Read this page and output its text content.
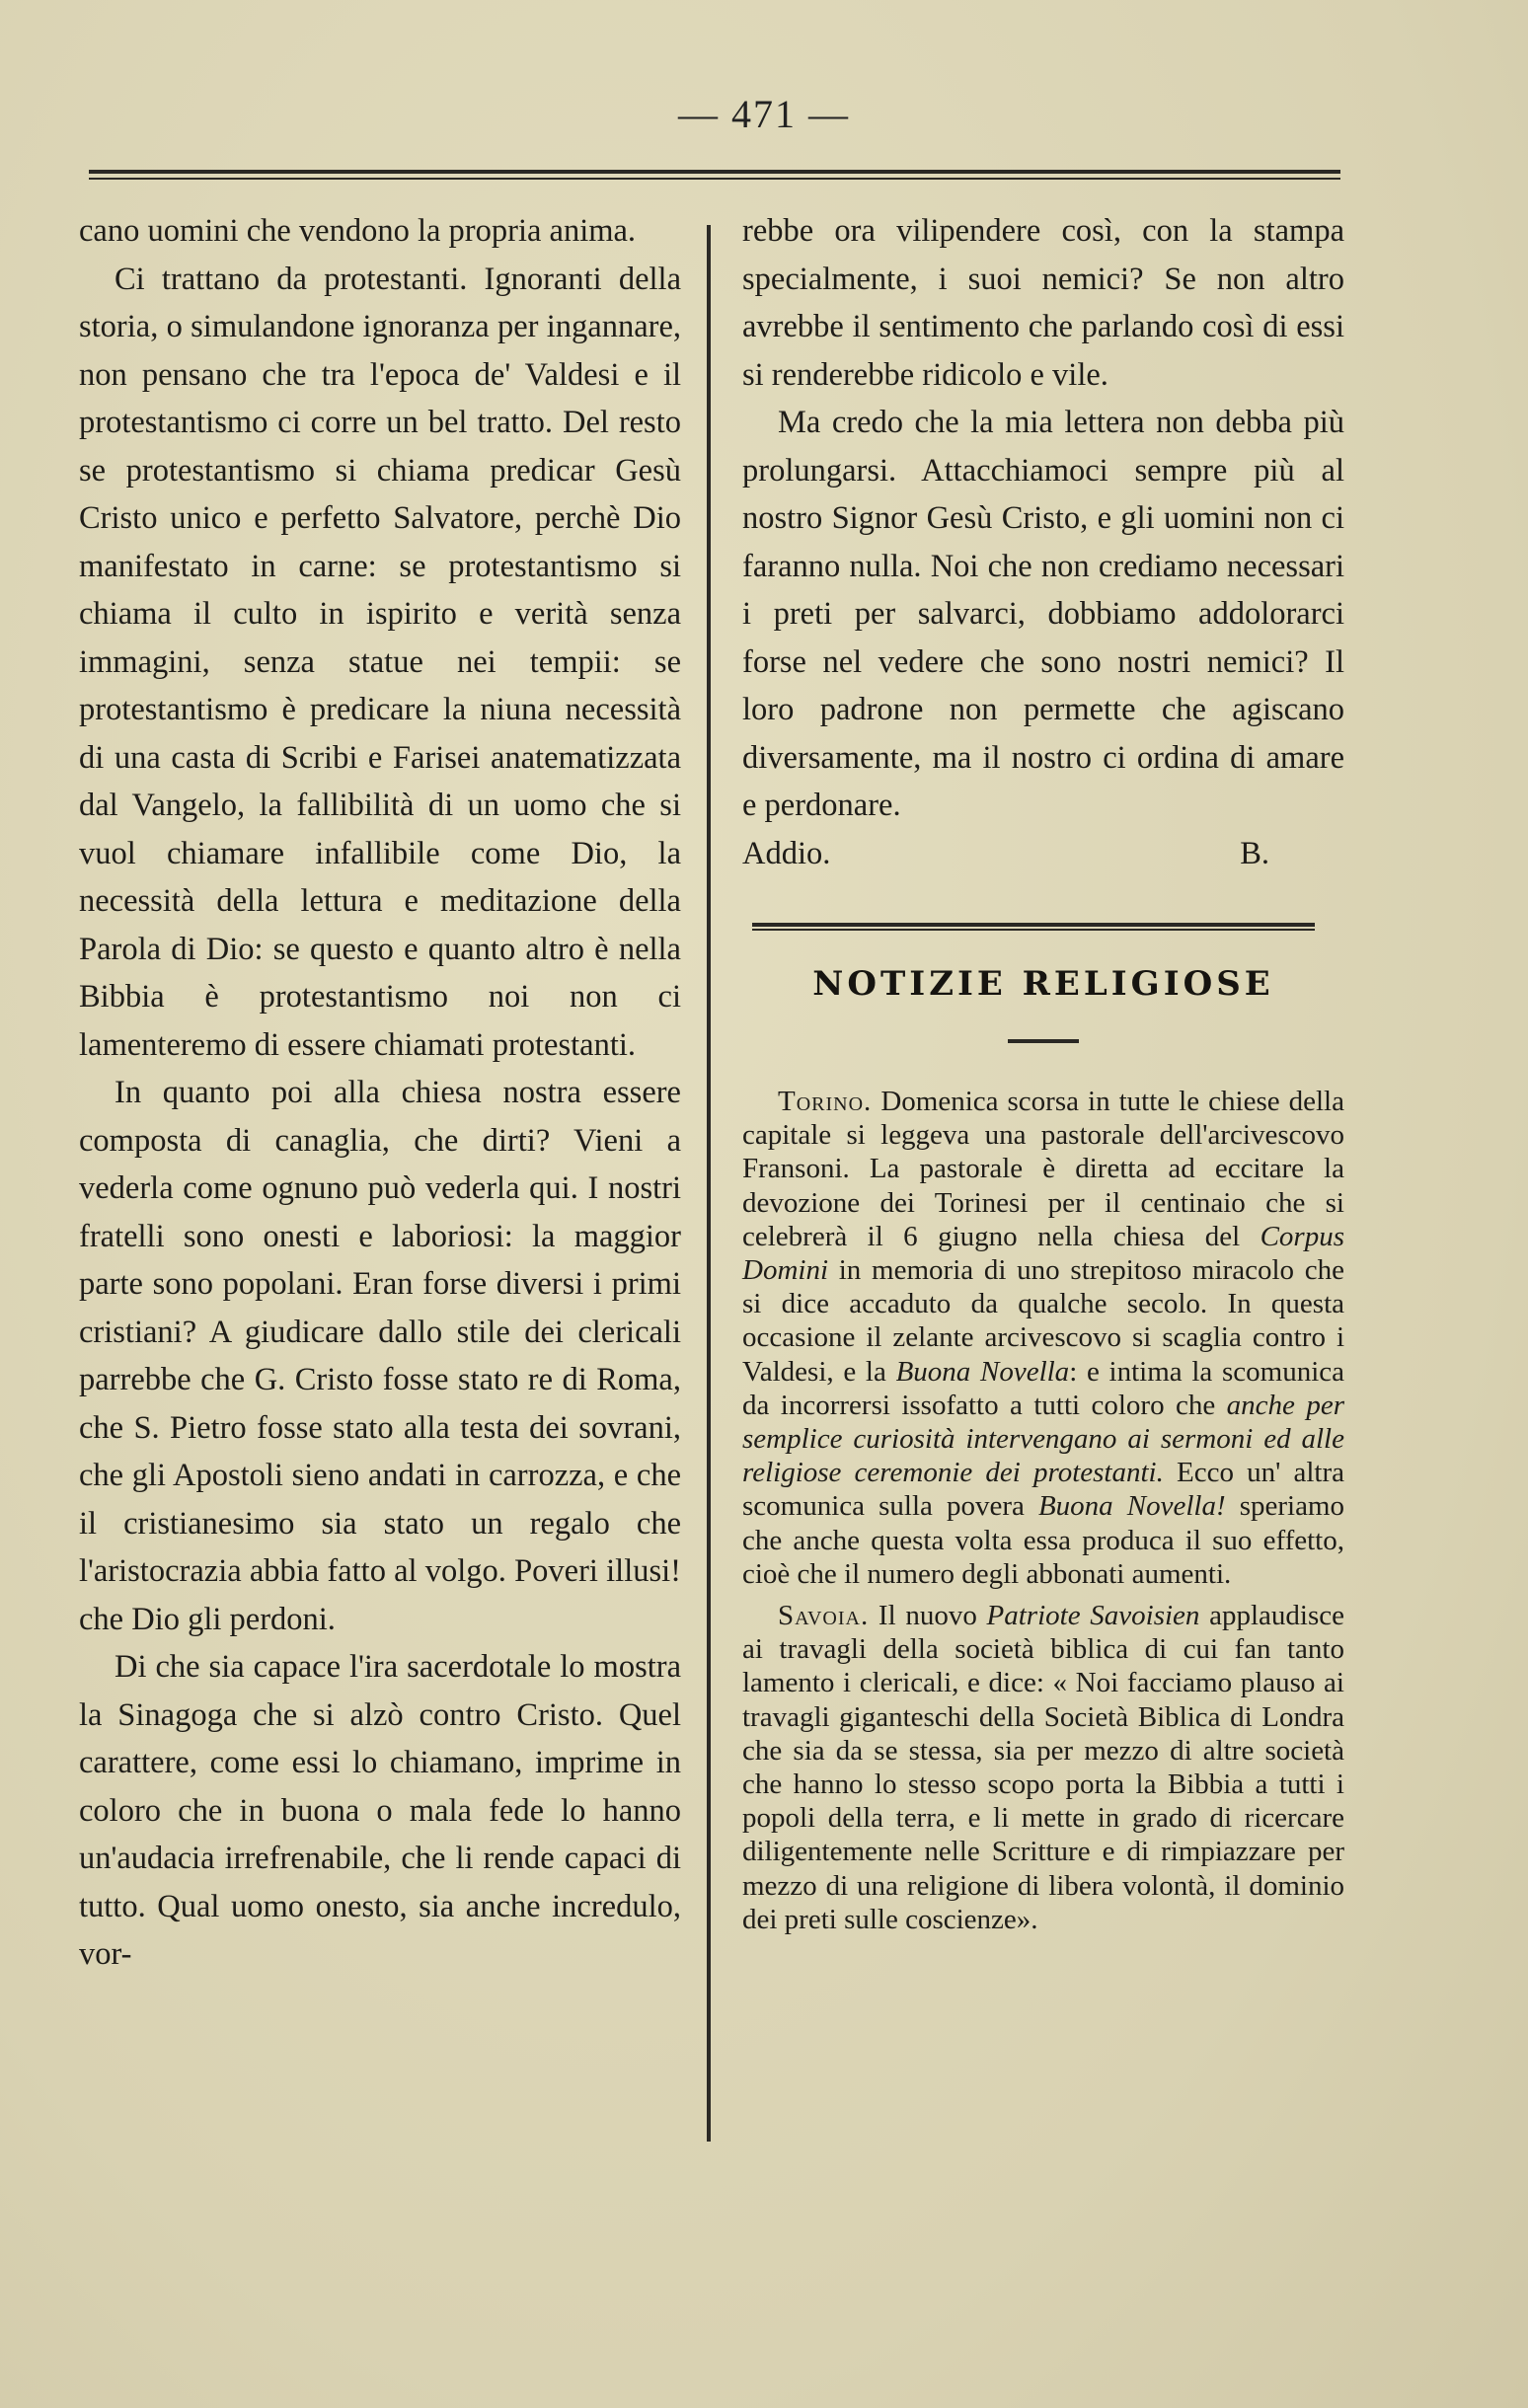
— 471 —

cano uomini che vendono la propria anima.

Ci trattano da protestanti. Ignoranti della storia, o simulandone ignoranza per ingannare, non pensano che tra l'epoca de' Valdesi e il protestantismo ci corre un bel tratto. Del resto se protestantismo si chiama predicar Gesù Cristo unico e perfetto Salvatore, perchè Dio manifestato in carne: se protestantismo si chiama il culto in ispirito e verità senza immagini, senza statue nei tempii: se protestantismo è predicare la niuna necessità di una casta di Scribi e Farisei anatematizzata dal Vangelo, la fallibilità di un uomo che si vuol chiamare infallibile come Dio, la necessità della lettura e meditazione della Parola di Dio: se questo e quanto altro è nella Bibbia è protestantismo noi non ci lamenteremo di essere chiamati protestanti.

In quanto poi alla chiesa nostra essere composta di canaglia, che dirti? Vieni a vederla come ognuno può vederla qui. I nostri fratelli sono onesti e laboriosi: la maggior parte sono popolani. Eran forse diversi i primi cristiani? A giudicare dallo stile dei clericali parrebbe che G. Cristo fosse stato re di Roma, che S. Pietro fosse stato alla testa dei sovrani, che gli Apostoli sieno andati in carrozza, e che il cristianesimo sia stato un regalo che l'aristocrazia abbia fatto al volgo. Poveri illusi! che Dio gli perdoni.

Di che sia capace l'ira sacerdotale lo mostra la Sinagoga che si alzò contro Cristo. Quel carattere, come essi lo chiamano, imprime in coloro che in buona o mala fede lo hanno un'audacia irrefrenabile, che li rende capaci di tutto. Qual uomo onesto, sia anche incredulo, vor-

rebbe ora vilipendere così, con la stampa specialmente, i suoi nemici? Se non altro avrebbe il sentimento che parlando così di essi si renderebbe ridicolo e vile.

Ma credo che la mia lettera non debba più prolungarsi. Attacchiamoci sempre più al nostro Signor Gesù Cristo, e gli uomini non ci faranno nulla. Noi che non crediamo necessari i preti per salvarci, dobbiamo addolorarci forse nel vedere che sono nostri nemici? Il loro padrone non permette che agiscano diversamente, ma il nostro ci ordina di amare e perdonare.

Addio.	B.
NOTIZIE RELIGIOSE

Torino. Domenica scorsa in tutte le chiese della capitale si leggeva una pastorale dell'arcivescovo Fransoni. La pastorale è diretta ad eccitare la devozione dei Torinesi per il centinaio che si celebrerà il 6 giugno nella chiesa del Corpus Domini in memoria di uno strepitoso miracolo che si dice accaduto da qualche secolo. In questa occasione il zelante arcivescovo si scaglia contro i Valdesi, e la Buona Novella: e intima la scomunica da incorrersi issofatto a tutti coloro che anche per semplice curiosità intervengano ai sermoni ed alle religiose ceremonie dei protestanti. Ecco un' altra scomunica sulla povera Buona Novella! speriamo che anche questa volta essa produca il suo effetto, cioè che il numero degli abbonati aumenti.

Savoia. Il nuovo Patriote Savoisien applaudisce ai travagli della società biblica di cui fan tanto lamento i clericali, e dice: « Noi facciamo plauso ai travagli giganteschi della Società Biblica di Londra che sia da se stessa, sia per mezzo di altre società che hanno lo stesso scopo porta la Bibbia a tutti i popoli della terra, e li mette in grado di ricercare diligentemente nelle Scritture e di rimpiazzare per mezzo di una religione di libera volontà, il dominio dei preti sulle coscienze».
